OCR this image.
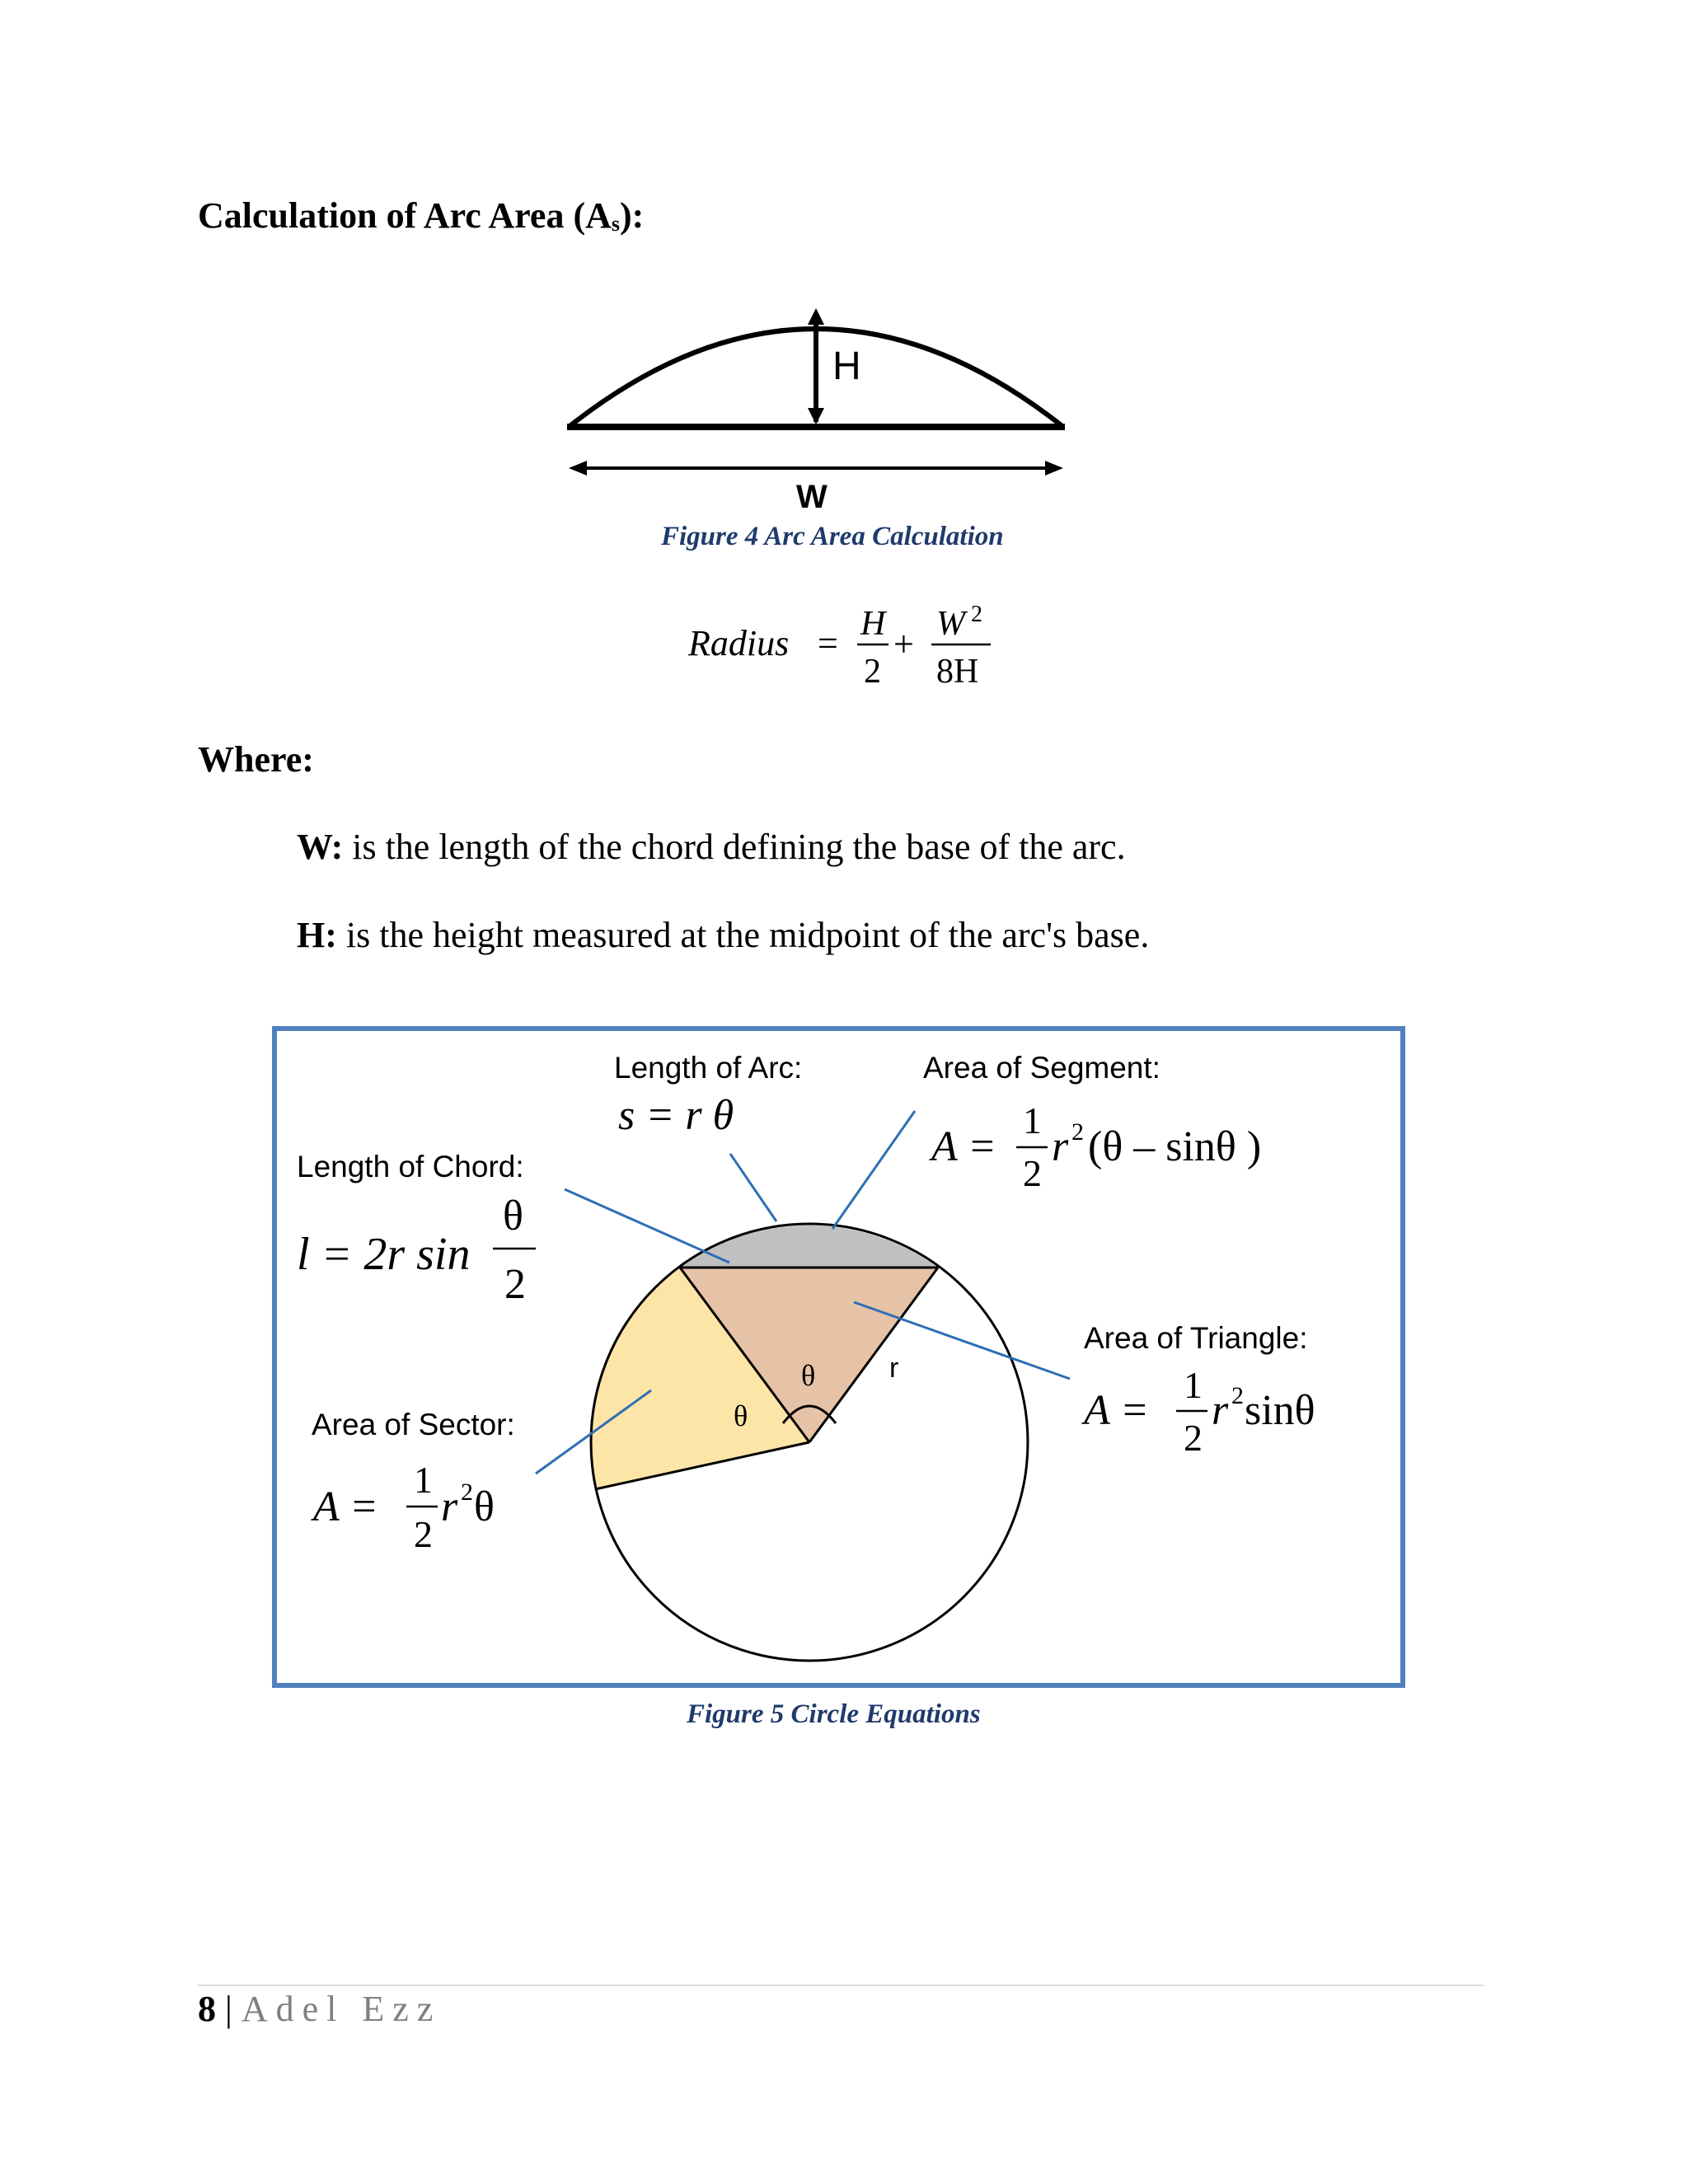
Calculation of Arc Area $(A_s)$:
H
W
Figure 4 Arc Area Calculation
Radius = H
2
+ W 2
8H
Where:
W: is the length of the chord defining the base of the arc.
H: is the height measured at the midpoint of the arc's base.
θ
θ
r
Length of Arc:
s = r θ
Area of Segment:
A =
1
2
r 2 (θ – sinθ )
Length of Chord:
l = 2r sin
θ
2
Area of Triangle:
A =
1
2
r 2 sinθ
Area of Sector:
A =
1
2
r 2 θ
Figure 5 Circle Equations
8 | Adel Ezz
